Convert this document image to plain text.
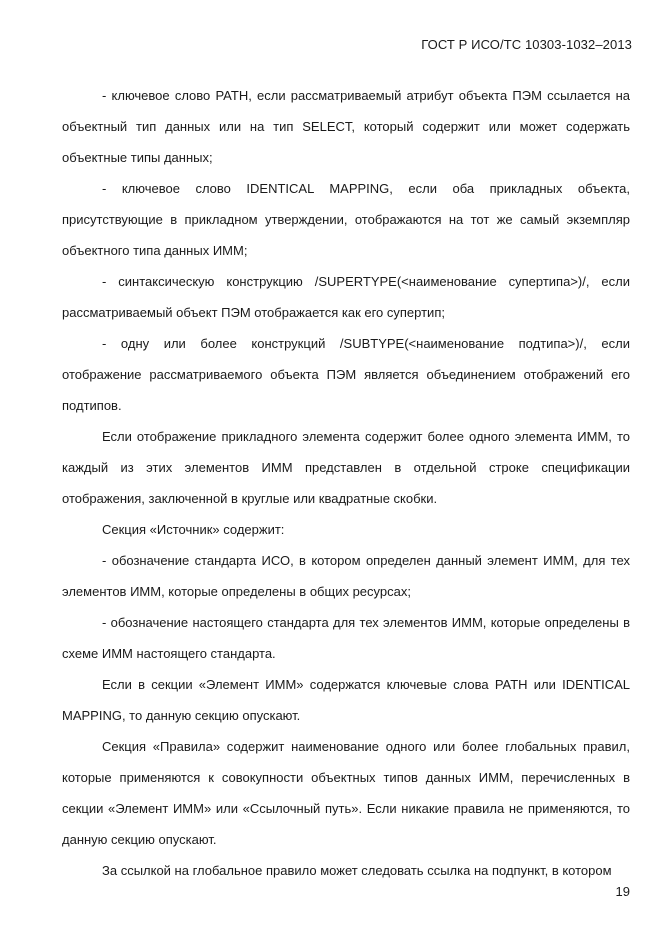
ГОСТ Р ИСО/ТС 10303-1032–2013

- ключевое слово PATH, если рассматриваемый атрибут объекта ПЭМ ссылается на объектный тип данных или на тип SELECT, который содержит или может содержать объектные типы данных;

- ключевое слово IDENTICAL MAPPING, если оба прикладных объекта, присутствующие в прикладном утверждении, отображаются на тот же самый экземпляр объектного типа данных ИММ;

- синтаксическую конструкцию /SUPERTYPE(<наименование супертипа>)/, если рассматриваемый объект ПЭМ отображается как его супертип;

- одну или более конструкций /SUBTYPE(<наименование подтипа>)/, если отображение рассматриваемого объекта ПЭМ является объединением отображений его подтипов.

Если отображение прикладного элемента содержит более одного элемента ИММ, то каждый из этих элементов ИММ представлен в отдельной строке спецификации отображения, заключенной в круглые или квадратные скобки.

Секция «Источник» содержит:

- обозначение стандарта ИСО, в котором определен данный элемент ИММ, для тех элементов ИММ, которые определены в общих ресурсах;

- обозначение настоящего стандарта для тех элементов ИММ, которые определены в схеме ИММ настоящего стандарта.

Если в секции «Элемент ИММ» содержатся ключевые слова PATH или IDENTICAL MAPPING, то данную секцию опускают.

Секция «Правила» содержит наименование одного или более глобальных правил, которые применяются к совокупности объектных типов данных ИММ, перечисленных в секции «Элемент ИММ» или «Ссылочный путь». Если никакие правила не применяются, то данную секцию опускают.

За ссылкой на глобальное правило может следовать ссылка на подпункт, в котором

19
